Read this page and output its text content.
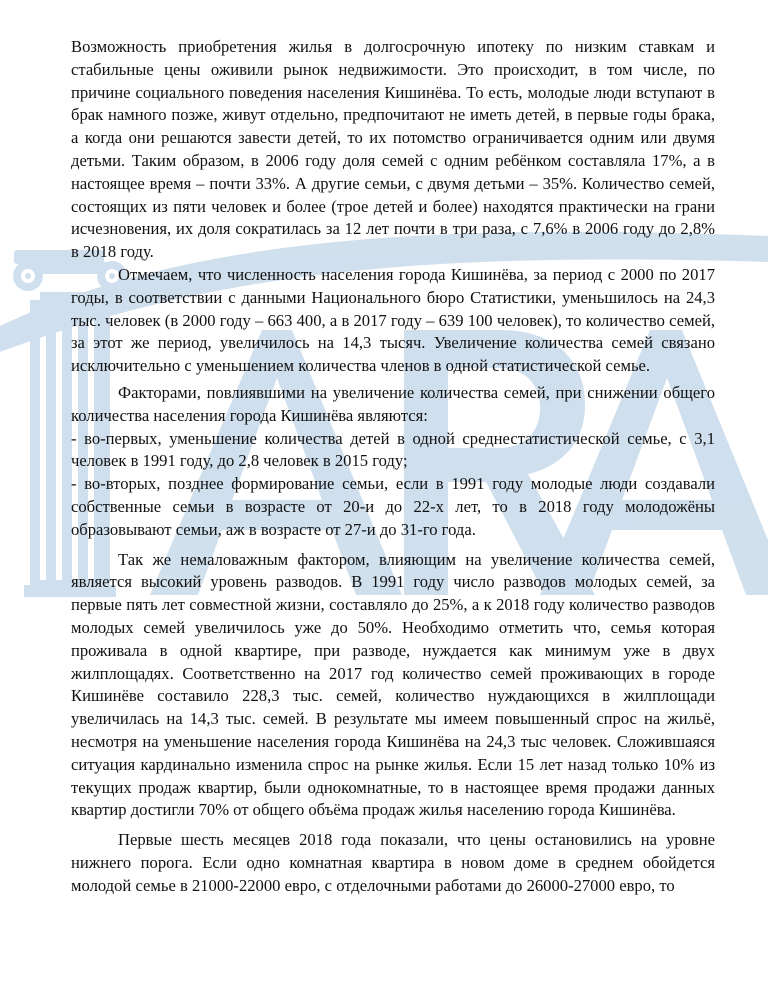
Возможность приобретения жилья в долгосрочную ипотеку по низким ставкам и стабильные цены оживили рынок недвижимости. Это происходит, в том числе, по причине социального поведения населения Кишинёва. То есть, молодые люди вступают в брак намного позже, живут отдельно, предпочитают не иметь детей, в первые годы брака, а когда они решаются завести детей, то их потомство ограничивается одним или двумя детьми. Таким образом, в 2006 году доля семей с одним ребёнком составляла 17%, а в настоящее время – почти 33%. А другие семьи, с двумя детьми – 35%. Количество семей, состоящих из пяти человек и более (трое детей и более) находятся практически на грани исчезновения, их доля сократилась за 12 лет почти в три раза, с 7,6% в 2006 году до 2,8% в 2018 году.

Отмечаем, что численность населения города Кишинёва, за период с 2000 по 2017 годы, в соответствии с данными Национального бюро Статистики, уменьшилось на 24,3 тыс. человек (в 2000 году – 663 400, а в 2017 году – 639 100 человек), то количество семей, за этот же период, увеличилось на 14,3 тысяч. Увеличение количества семей связано исключительно с уменьшением количества членов в одной статистической семье.

Факторами, повлиявшими на увеличение количества семей, при снижении общего количества населения города Кишинёва являются:

- во-первых, уменьшение количества детей в одной среднестатистической семье, с 3,1 человек в 1991 году, до 2,8 человек в 2015 году;

- во-вторых, позднее формирование семьи, если в 1991 году молодые люди создавали собственные семьи в возрасте от 20-и до 22-х лет, то в 2018 году молодожёны образовывают семьи, аж в возрасте от 27-и до 31-го года.

Так же немаловажным фактором, влияющим на увеличение количества семей, является высокий уровень разводов. В 1991 году число разводов молодых семей, за первые пять лет совместной жизни, составляло до 25%, а к 2018 году количество разводов молодых семей увеличилось уже до 50%. Необходимо отметить что, семья которая проживала в одной квартире, при разводе, нуждается как минимум уже в двух жилплощадях. Соответственно на 2017 год количество семей проживающих в городе Кишинёве составило 228,3 тыс. семей, количество нуждающихся в жилплощади увеличилась на 14,3 тыс. семей. В результате мы имеем повышенный спрос на жильё, несмотря на уменьшение населения города Кишинёва на 24,3 тыс человек. Сложившаяся ситуация кардинально изменила спрос на рынке жилья. Если 15 лет назад только 10% из текущих продаж квартир, были однокомнатные, то в настоящее время продажи данных квартир достигли 70% от общего объёма продаж жилья населению города Кишинёва.

Первые шесть месяцев 2018 года показали, что цены остановились на уровне нижнего порога. Если одно комнатная квартира в новом доме в среднем обойдется молодой семье в 21000-22000 евро, с отделочными работами до 26000-27000 евро, то
